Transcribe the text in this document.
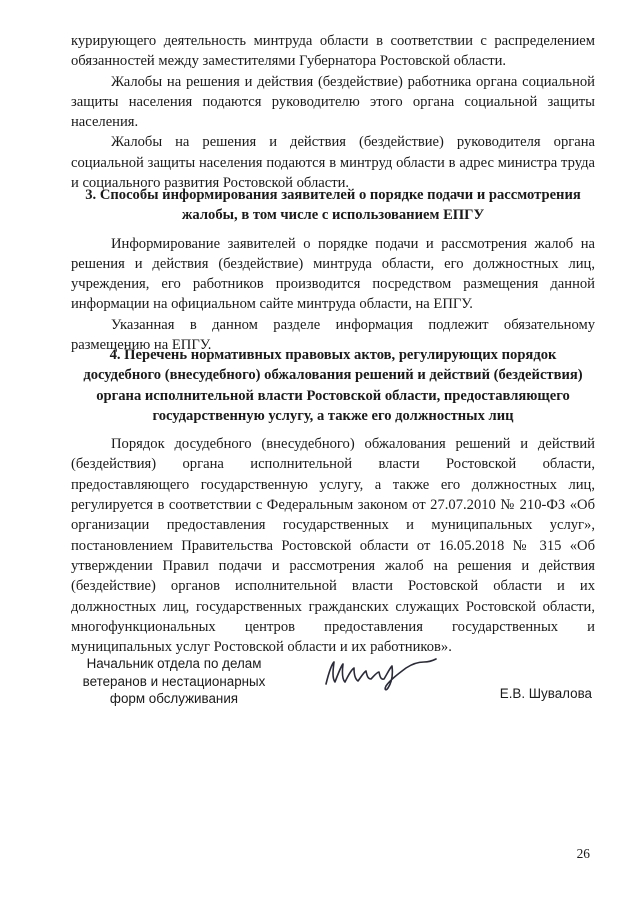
курирующего деятельность минтруда области в соответствии с распределением обязанностей между заместителями Губернатора Ростовской области.

Жалобы на решения и действия (бездействие) работника органа социальной защиты населения подаются руководителю этого органа социальной защиты населения.

Жалобы на решения и действия (бездействие) руководителя органа социальной защиты населения подаются в минтруд области в адрес министра труда и социального развития Ростовской области.

3. Способы информирования заявителей о порядке подачи и рассмотрения
жалобы, в том числе с использованием ЕПГУ

Информирование заявителей о порядке подачи и рассмотрения жалоб на решения и действия (бездействие) минтруда области, его должностных лиц, учреждения, его работников производится посредством размещения данной информации на официальном сайте минтруда области, на ЕПГУ.

Указанная в данном разделе информация подлежит обязательному размещению на ЕПГУ.

4. Перечень нормативных правовых актов, регулирующих порядок
досудебного (внесудебного) обжалования решений и действий (бездействия)
органа исполнительной власти Ростовской области, предоставляющего
государственную услугу, а также его должностных лиц

Порядок досудебного (внесудебного) обжалования решений и действий (бездействия) органа исполнительной власти Ростовской области, предоставляющего государственную услугу, а также его должностных лиц, регулируется в соответствии с Федеральным законом от 27.07.2010 № 210-ФЗ «Об организации предоставления государственных и муниципальных услуг», постановлением Правительства Ростовской области от 16.05.2018 № 315 «Об утверждении Правил подачи и рассмотрения жалоб на решения и действия (бездействие) органов исполнительной власти Ростовской области и их должностных лиц, государственных гражданских служащих Ростовской области, многофункциональных центров предоставления государственных и муниципальных услуг Ростовской области и их работников».

Начальник отдела по делам
ветеранов и нестационарных
форм обслуживания	Е.В. Шувалова
26
